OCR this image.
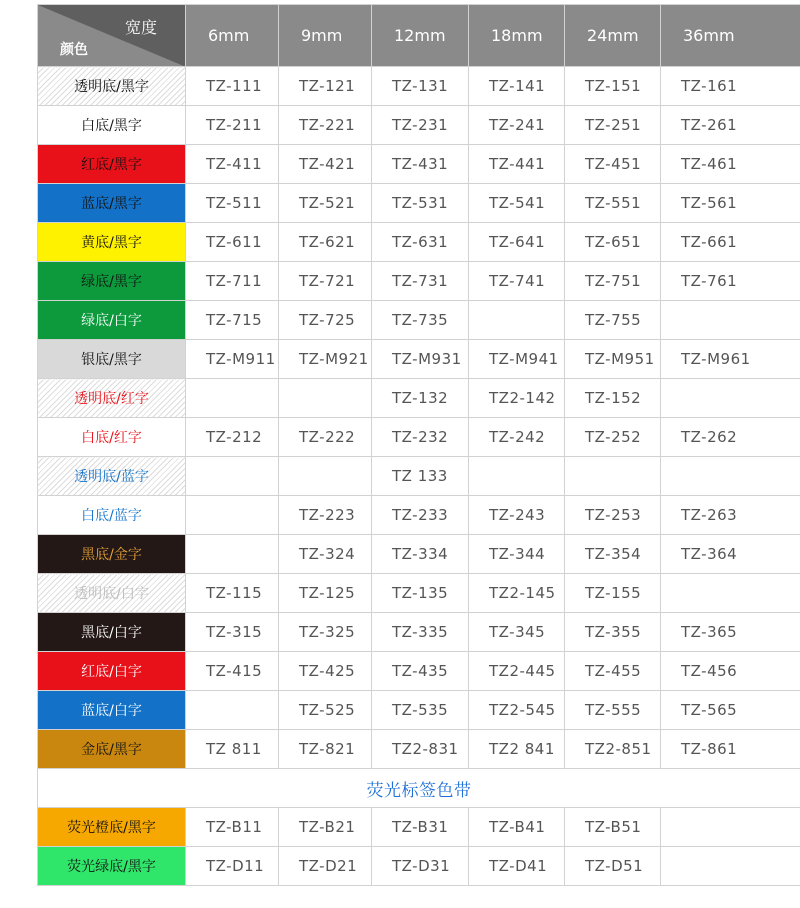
宽度
颜色	6mm	9mm	12mm	18mm	24mm	36mm
透明底/黑字	TZ-111	TZ-121	TZ-131	TZ-141	TZ-151	TZ-161
白底/黑字	TZ-211	TZ-221	TZ-231	TZ-241	TZ-251	TZ-261
红底/黑字	TZ-411	TZ-421	TZ-431	TZ-441	TZ-451	TZ-461
蓝底/黑字	TZ-511	TZ-521	TZ-531	TZ-541	TZ-551	TZ-561
黄底/黑字	TZ-611	TZ-621	TZ-631	TZ-641	TZ-651	TZ-661
绿底/黑字	TZ-711	TZ-721	TZ-731	TZ-741	TZ-751	TZ-761
绿底/白字	TZ-715	TZ-725	TZ-735		TZ-755	
银底/黑字	TZ-M911	TZ-M921	TZ-M931	TZ-M941	TZ-M951	TZ-M961
透明底/红字			TZ-132	TZ2-142	TZ-152	
白底/红字	TZ-212	TZ-222	TZ-232	TZ-242	TZ-252	TZ-262
透明底/蓝字			TZ 133			
白底/蓝字		TZ-223	TZ-233	TZ-243	TZ-253	TZ-263
黑底/金字		TZ-324	TZ-334	TZ-344	TZ-354	TZ-364
透明底/白字	TZ-115	TZ-125	TZ-135	TZ2-145	TZ-155	
黑底/白字	TZ-315	TZ-325	TZ-335	TZ-345	TZ-355	TZ-365
红底/白字	TZ-415	TZ-425	TZ-435	TZ2-445	TZ-455	TZ-456
蓝底/白字		TZ-525	TZ-535	TZ2-545	TZ-555	TZ-565
金底/黑字	TZ 811	TZ-821	TZ2-831	TZ2 841	TZ2-851	TZ-861
荧光标签色带						
荧光橙底/黑字	TZ-B11	TZ-B21	TZ-B31	TZ-B41	TZ-B51	
荧光绿底/黑字	TZ-D11	TZ-D21	TZ-D31	TZ-D41	TZ-D51	
